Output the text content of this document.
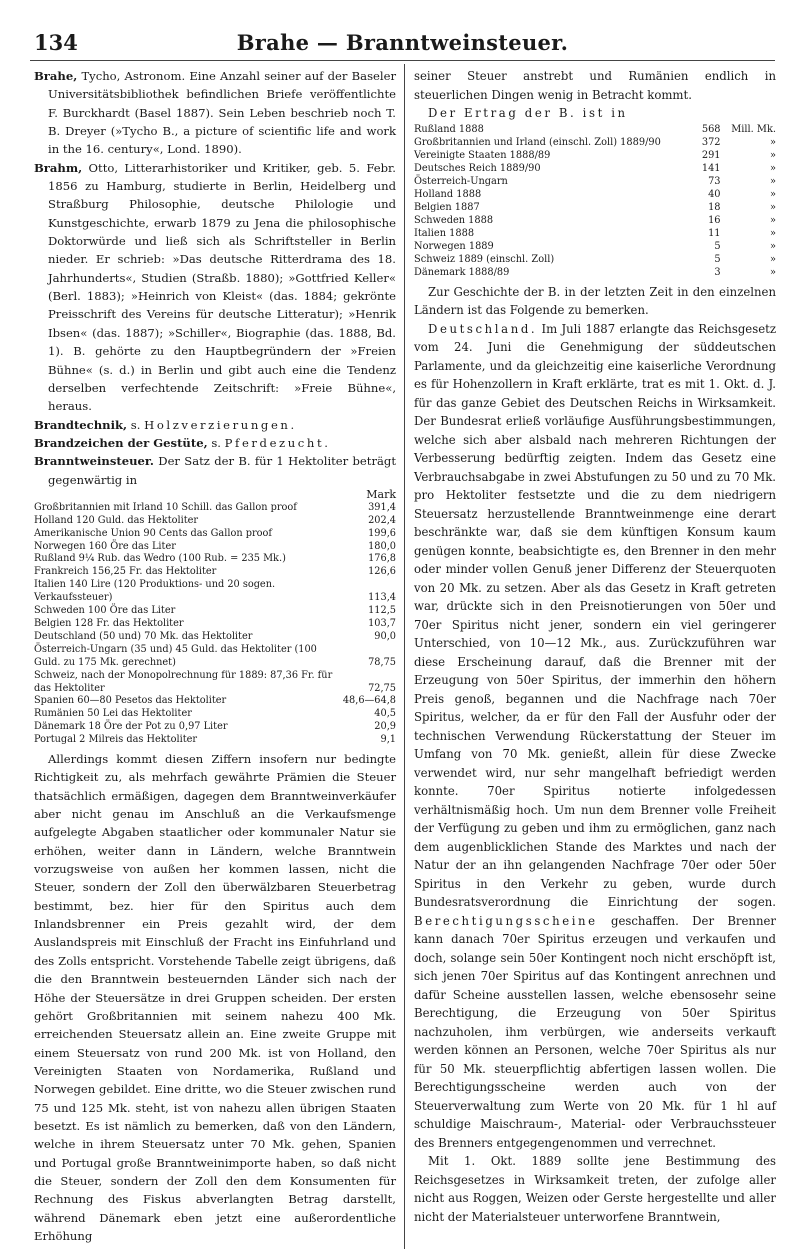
134	Brahe — Branntweinsteuer.

Brahe, Tycho, Astronom. Eine Anzahl seiner auf der Baseler Universitätsbibliothek befindlichen Briefe veröffentlichte F. Burckhardt (Basel 1887). Sein Leben beschrieb noch T. B. Dreyer (»Tycho B., a picture of scientific life and work in the 16. century«, Lond. 1890).

Brahm, Otto, Litterarhistoriker und Kritiker, geb. 5. Febr. 1856 zu Hamburg, studierte in Berlin, Heidelberg und Straßburg Philosophie, deutsche Philologie und Kunstgeschichte, erwarb 1879 zu Jena die philosophische Doktorwürde und ließ sich als Schriftsteller in Berlin nieder. Er schrieb: »Das deutsche Ritterdrama des 18. Jahrhunderts«, Studien (Straßb. 1880); »Gottfried Keller« (Berl. 1883); »Heinrich von Kleist« (das. 1884; gekrönte Preisschrift des Vereins für deutsche Litteratur); »Henrik Ibsen« (das. 1887); »Schiller«, Biographie (das. 1888, Bd. 1). B. gehörte zu den Hauptbegründern der »Freien Bühne« (s. d.) in Berlin und gibt auch eine die Tendenz derselben verfechtende Zeitschrift: »Freie Bühne«, heraus.

Brandtechnik, s. Holzverzierungen.

Brandzeichen der Gestüte, s. Pferdezucht.

Branntweinsteuer. Der Satz der B. für 1 Hektoliter beträgt gegenwärtig in

	Mark
Großbritannien mit Irland 10 Schill. das Gallon proof	391,4
Holland 120 Guld. das Hektoliter	202,4
Amerikanische Union 90 Cents das Gallon proof	199,6
Norwegen 160 Öre das Liter	180,0
Rußland 9¼ Rub. das Wedro (100 Rub. = 235 Mk.)	176,8
Frankreich 156,25 Fr. das Hektoliter	126,6
Italien 140 Lire (120 Produktions- und 20 sogen. Verkaufssteuer)	113,4
Schweden 100 Öre das Liter	112,5
Belgien 128 Fr. das Hektoliter	103,7
Deutschland (50 und) 70 Mk. das Hektoliter	90,0
Österreich-Ungarn (35 und) 45 Guld. das Hektoliter (100 Guld. zu 175 Mk. gerechnet)	78,75
Schweiz, nach der Monopolrechnung für 1889: 87,36 Fr. für das Hektoliter	72,75
Spanien 60—80 Pesetos das Hektoliter	48,6—64,8
Rumänien 50 Lei das Hektoliter	40,5
Dänemark 18 Öre der Pot zu 0,97 Liter	20,9
Portugal 2 Milreis das Hektoliter	9,1

Allerdings kommt diesen Ziffern insofern nur bedingte Richtigkeit zu, als mehrfach gewährte Prämien die Steuer thatsächlich ermäßigen, dagegen dem Branntweinverkäufer aber nicht genau im Anschluß an die Verkaufsmenge aufgelegte Abgaben staatlicher oder kommunaler Natur sie erhöhen, weiter dann in Ländern, welche Branntwein vorzugsweise von außen her kommen lassen, nicht die Steuer, sondern der Zoll den überwälzbaren Steuerbetrag bestimmt, bez. hier für den Spiritus auch dem Inlandsbrenner ein Preis gezahlt wird, der dem Auslandspreis mit Einschluß der Fracht ins Einfuhrland und des Zolls entspricht. Vorstehende Tabelle zeigt übrigens, daß die den Branntwein besteuernden Länder sich nach der Höhe der Steuersätze in drei Gruppen scheiden. Der ersten gehört Großbritannien mit seinem nahezu 400 Mk. erreichenden Steuersatz allein an. Eine zweite Gruppe mit einem Steuersatz von rund 200 Mk. ist von Holland, den Vereinigten Staaten von Nordamerika, Rußland und Norwegen gebildet. Eine dritte, wo die Steuer zwischen rund 75 und 125 Mk. steht, ist von nahezu allen übrigen Staaten besetzt. Es ist nämlich zu bemerken, daß von den Ländern, welche in ihrem Steuersatz unter 70 Mk. gehen, Spanien und Portugal große Branntweinimporte haben, so daß nicht die Steuer, sondern der Zoll den dem Konsumenten für Rechnung des Fiskus abverlangten Betrag darstellt, während Dänemark eben jetzt eine außerordentliche Erhöhung

seiner Steuer anstrebt und Rumänien endlich in steuerlichen Dingen wenig in Betracht kommt.

Der Ertrag der B. ist in

Rußland 1888	568	Mill. Mk.
Großbritannien und Irland (einschl. Zoll) 1889/90	372	»
Vereinigte Staaten 1888/89	291	»
Deutsches Reich 1889/90	141	»
Österreich-Ungarn	73	»
Holland 1888	40	»
Belgien 1887	18	»
Schweden 1888	16	»
Italien 1888	11	»
Norwegen 1889	5	»
Schweiz 1889 (einschl. Zoll)	5	»
Dänemark 1888/89	3	»

Zur Geschichte der B. in der letzten Zeit in den einzelnen Ländern ist das Folgende zu bemerken.

Deutschland. Im Juli 1887 erlangte das Reichsgesetz vom 24. Juni die Genehmigung der süddeutschen Parlamente, und da gleichzeitig eine kaiserliche Verordnung es für Hohenzollern in Kraft erklärte, trat es mit 1. Okt. d. J. für das ganze Gebiet des Deutschen Reichs in Wirksamkeit. Der Bundesrat erließ vorläufige Ausführungsbestimmungen, welche sich aber alsbald nach mehreren Richtungen der Verbesserung bedürftig zeigten. Indem das Gesetz eine Verbrauchsabgabe in zwei Abstufungen zu 50 und zu 70 Mk. pro Hektoliter festsetzte und die zu dem niedrigern Steuersatz herzustellende Branntweinmenge eine derart beschränkte war, daß sie dem künftigen Konsum kaum genügen konnte, beabsichtigte es, den Brenner in den mehr oder minder vollen Genuß jener Differenz der Steuerquoten von 20 Mk. zu setzen. Aber als das Gesetz in Kraft getreten war, drückte sich in den Preisnotierungen von 50er und 70er Spiritus nicht jener, sondern ein viel geringerer Unterschied, von 10—12 Mk., aus. Zurückzuführen war diese Erscheinung darauf, daß die Brenner mit der Erzeugung von 50er Spiritus, der immerhin den höhern Preis genoß, begannen und die Nachfrage nach 70er Spiritus, welcher, da er für den Fall der Ausfuhr oder der technischen Verwendung Rückerstattung der Steuer im Umfang von 70 Mk. genießt, allein für diese Zwecke verwendet wird, nur sehr mangelhaft befriedigt werden konnte. 70er Spiritus notierte infolgedessen verhältnismäßig hoch. Um nun dem Brenner volle Freiheit der Verfügung zu geben und ihm zu ermöglichen, ganz nach dem augenblicklichen Stande des Marktes und nach der Natur der an ihn gelangenden Nachfrage 70er oder 50er Spiritus in den Verkehr zu geben, wurde durch Bundesratsverordnung die Einrichtung der sogen. Berechtigungsscheine geschaffen. Der Brenner kann danach 70er Spiritus erzeugen und verkaufen und doch, solange sein 50er Kontingent noch nicht erschöpft ist, sich jenen 70er Spiritus auf das Kontingent anrechnen und dafür Scheine ausstellen lassen, welche ebensosehr seine Berechtigung, die Erzeugung von 50er Spiritus nachzuholen, ihm verbürgen, wie anderseits verkauft werden können an Personen, welche 70er Spiritus als nur für 50 Mk. steuerpflichtig abfertigen lassen wollen. Die Berechtigungsscheine werden auch von der Steuerverwaltung zum Werte von 20 Mk. für 1 hl auf schuldige Maischraum-, Material- oder Verbrauchssteuer des Brenners entgegengenommen und verrechnet.

Mit 1. Okt. 1889 sollte jene Bestimmung des Reichsgesetzes in Wirksamkeit treten, der zufolge aller nicht aus Roggen, Weizen oder Gerste hergestellte und aller nicht der Materialsteuer unterworfene Branntwein,
